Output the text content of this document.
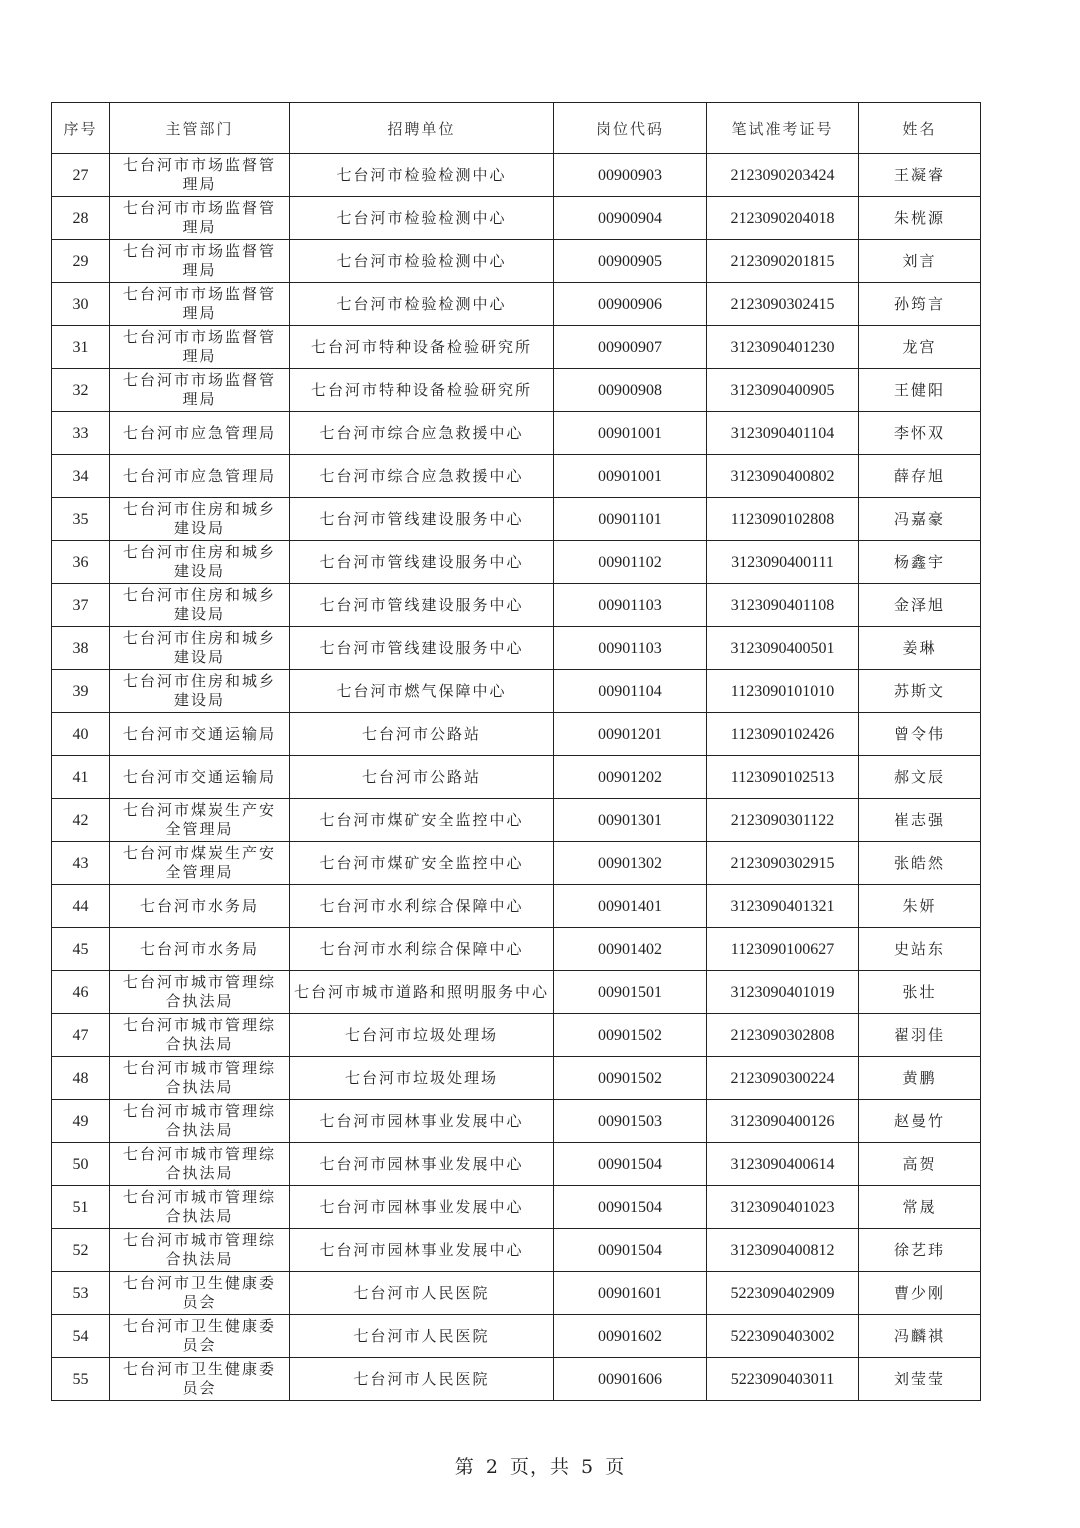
序号	主管部门	招聘单位	岗位代码	笔试准考证号	姓名
27	七台河市市场监督管理局	七台河市检验检测中心	00900903	2123090203424	王凝睿
28	七台河市市场监督管理局	七台河市检验检测中心	00900904	2123090204018	朱桄源
29	七台河市市场监督管理局	七台河市检验检测中心	00900905	2123090201815	刘言
30	七台河市市场监督管理局	七台河市检验检测中心	00900906	2123090302415	孙筠言
31	七台河市市场监督管理局	七台河市特种设备检验研究所	00900907	3123090401230	龙宫
32	七台河市市场监督管理局	七台河市特种设备检验研究所	00900908	3123090400905	王健阳
33	七台河市应急管理局	七台河市综合应急救援中心	00901001	3123090401104	李怀双
34	七台河市应急管理局	七台河市综合应急救援中心	00901001	3123090400802	薛存旭
35	七台河市住房和城乡建设局	七台河市管线建设服务中心	00901101	1123090102808	冯嘉豪
36	七台河市住房和城乡建设局	七台河市管线建设服务中心	00901102	3123090400111	杨鑫宇
37	七台河市住房和城乡建设局	七台河市管线建设服务中心	00901103	3123090401108	金泽旭
38	七台河市住房和城乡建设局	七台河市管线建设服务中心	00901103	3123090400501	姜琳
39	七台河市住房和城乡建设局	七台河市燃气保障中心	00901104	1123090101010	苏斯文
40	七台河市交通运输局	七台河市公路站	00901201	1123090102426	曾令伟
41	七台河市交通运输局	七台河市公路站	00901202	1123090102513	郝文辰
42	七台河市煤炭生产安全管理局	七台河市煤矿安全监控中心	00901301	2123090301122	崔志强
43	七台河市煤炭生产安全管理局	七台河市煤矿安全监控中心	00901302	2123090302915	张皓然
44	七台河市水务局	七台河市水利综合保障中心	00901401	3123090401321	朱妍
45	七台河市水务局	七台河市水利综合保障中心	00901402	1123090100627	史站东
46	七台河市城市管理综合执法局	七台河市城市道路和照明服务中心	00901501	3123090401019	张壮
47	七台河市城市管理综合执法局	七台河市垃圾处理场	00901502	2123090302808	翟羽佳
48	七台河市城市管理综合执法局	七台河市垃圾处理场	00901502	2123090300224	黄鹏
49	七台河市城市管理综合执法局	七台河市园林事业发展中心	00901503	3123090400126	赵曼竹
50	七台河市城市管理综合执法局	七台河市园林事业发展中心	00901504	3123090400614	高贺
51	七台河市城市管理综合执法局	七台河市园林事业发展中心	00901504	3123090401023	常晟
52	七台河市城市管理综合执法局	七台河市园林事业发展中心	00901504	3123090400812	徐艺玮
53	七台河市卫生健康委员会	七台河市人民医院	00901601	5223090402909	曹少刚
54	七台河市卫生健康委员会	七台河市人民医院	00901602	5223090403002	冯麟祺
55	七台河市卫生健康委员会	七台河市人民医院	00901606	5223090403011	刘莹莹
第 2 页，共 5 页
